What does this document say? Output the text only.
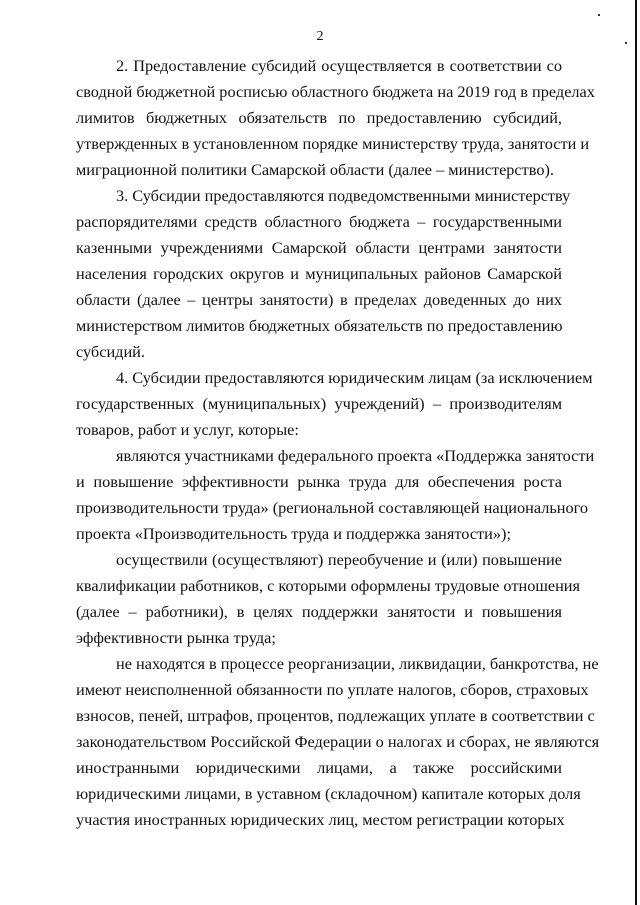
2
2. Предоставление субсидий осуществляется в соответствии со
сводной бюджетной росписью областного бюджета на 2019 год в пределах
лимитов бюджетных обязательств по предоставлению субсидий,
утвержденных в установленном порядке министерству труда, занятости и
миграционной политики Самарской области (далее – министерство).
3. Субсидии предоставляются подведомственными министерству
распорядителями средств областного бюджета – государственными
казенными учреждениями Самарской области центрами занятости
населения городских округов и муниципальных районов Самарской
области (далее – центры занятости) в пределах доведенных до них
министерством лимитов бюджетных обязательств по предоставлению
субсидий.
4. Субсидии предоставляются юридическим лицам (за исключением
государственных (муниципальных) учреждений) – производителям
товаров, работ и услуг, которые:
являются участниками федерального проекта «Поддержка занятости
и повышение эффективности рынка труда для обеспечения роста
производительности труда» (региональной составляющей национального
проекта «Производительность труда и поддержка занятости»);
осуществили (осуществляют) переобучение и (или) повышение
квалификации работников, с которыми оформлены трудовые отношения
(далее – работники), в целях поддержки занятости и повышения
эффективности рынка труда;
не находятся в процессе реорганизации, ликвидации, банкротства, не
имеют неисполненной обязанности по уплате налогов, сборов, страховых
взносов, пеней, штрафов, процентов, подлежащих уплате в соответствии с
законодательством Российской Федерации о налогах и сборах, не являются
иностранными юридическими лицами, а также российскими
юридическими лицами, в уставном (складочном) капитале которых доля
участия иностранных юридических лиц, местом регистрации которых
